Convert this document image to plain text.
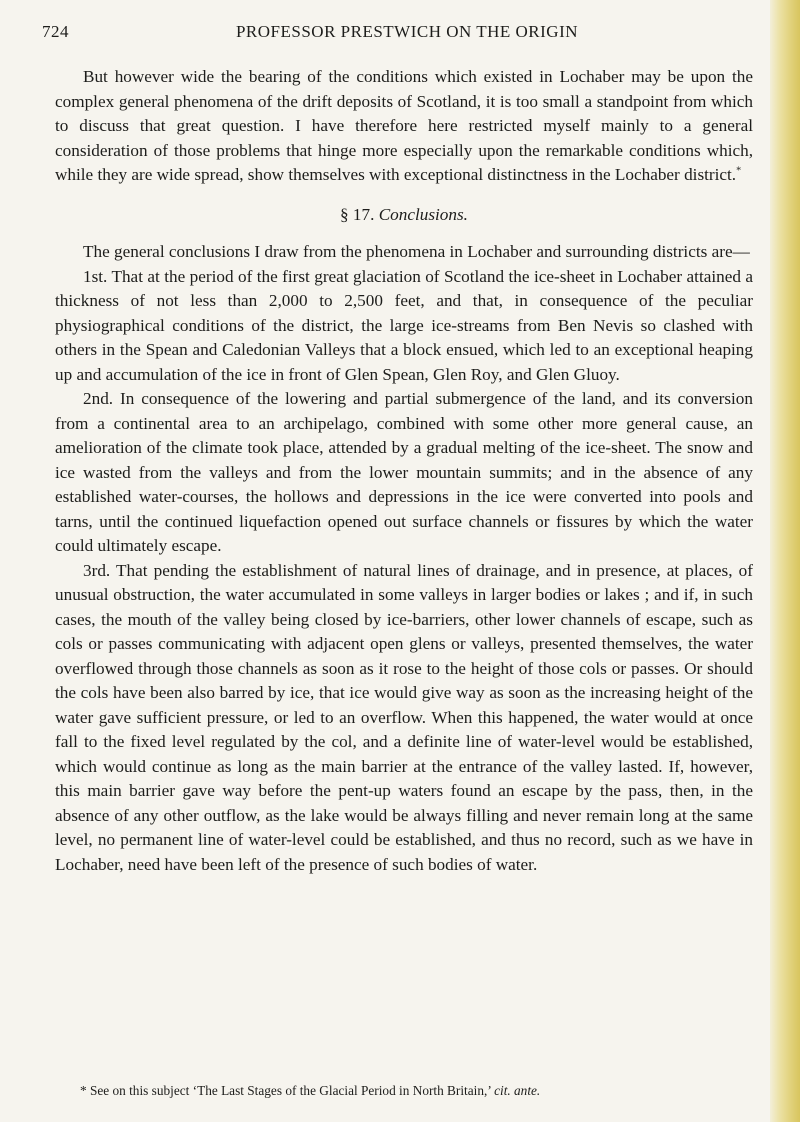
724	PROFESSOR PRESTWICH ON THE ORIGIN

But however wide the bearing of the conditions which existed in Lochaber may be upon the complex general phenomena of the drift deposits of Scotland, it is too small a standpoint from which to discuss that great question. I have therefore here restricted myself mainly to a general consideration of those problems that hinge more especially upon the remarkable conditions which, while they are wide spread, show themselves with exceptional distinctness in the Lochaber district.*

§ 17. Conclusions.

The general conclusions I draw from the phenomena in Lochaber and surrounding districts are—

1st. That at the period of the first great glaciation of Scotland the ice-sheet in Lochaber attained a thickness of not less than 2,000 to 2,500 feet, and that, in consequence of the peculiar physiographical conditions of the district, the large ice-streams from Ben Nevis so clashed with others in the Spean and Caledonian Valleys that a block ensued, which led to an exceptional heaping up and accumulation of the ice in front of Glen Spean, Glen Roy, and Glen Gluoy.

2nd. In consequence of the lowering and partial submergence of the land, and its conversion from a continental area to an archipelago, combined with some other more general cause, an amelioration of the climate took place, attended by a gradual melting of the ice-sheet. The snow and ice wasted from the valleys and from the lower mountain summits; and in the absence of any established water-courses, the hollows and depressions in the ice were converted into pools and tarns, until the continued liquefaction opened out surface channels or fissures by which the water could ultimately escape.

3rd. That pending the establishment of natural lines of drainage, and in presence, at places, of unusual obstruction, the water accumulated in some valleys in larger bodies or lakes ; and if, in such cases, the mouth of the valley being closed by ice-barriers, other lower channels of escape, such as cols or passes communicating with adjacent open glens or valleys, presented themselves, the water overflowed through those channels as soon as it rose to the height of those cols or passes. Or should the cols have been also barred by ice, that ice would give way as soon as the increasing height of the water gave sufficient pressure, or led to an overflow. When this happened, the water would at once fall to the fixed level regulated by the col, and a definite line of water-level would be established, which would continue as long as the main barrier at the entrance of the valley lasted. If, however, this main barrier gave way before the pent-up waters found an escape by the pass, then, in the absence of any other outflow, as the lake would be always filling and never remain long at the same level, no permanent line of water-level could be established, and thus no record, such as we have in Lochaber, need have been left of the presence of such bodies of water.

* See on this subject ‘The Last Stages of the Glacial Period in North Britain,’ cit. ante.
